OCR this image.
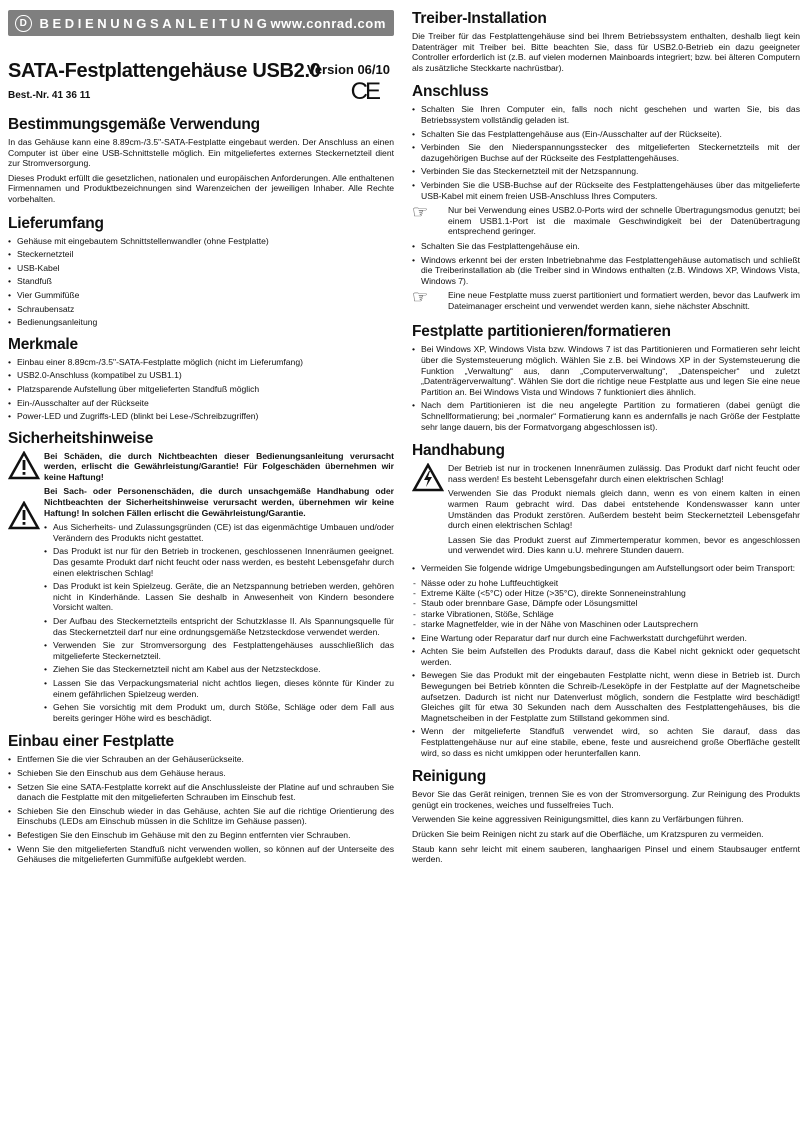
D BEDIENUNGSANLEITUNG www.conrad.com
SATA-Festplattengehäuse USB2.0
Version 06/10
CE
Best.-Nr. 41 36 11
Bestimmungsgemäße Verwendung

In das Gehäuse kann eine 8.89cm-/3.5"-SATA-Festplatte eingebaut werden. Der Anschluss an einen Computer ist über eine USB-Schnittstelle möglich. Ein mitgeliefertes externes Steckernetzteil dient zur Stromversorgung.

Dieses Produkt erfüllt die gesetzlichen, nationalen und europäischen Anforderungen. Alle enthaltenen Firmennamen und Produktbezeichnungen sind Warenzeichen der jeweiligen Inhaber. Alle Rechte vorbehalten.

Lieferumfang
• Gehäuse mit eingebautem Schnittstellenwandler (ohne Festplatte)
• Steckernetzteil
• USB-Kabel
• Standfuß
• Vier Gummifüße
• Schraubensatz
• Bedienungsanleitung
Merkmale
• Einbau einer 8.89cm-/3.5"-SATA-Festplatte möglich (nicht im Lieferumfang)
• USB2.0-Anschluss (kompatibel zu USB1.1)
• Platzsparende Aufstellung über mitgelieferten Standfuß möglich
• Ein-/Ausschalter auf der Rückseite
• Power-LED und Zugriffs-LED (blinkt bei Lese-/Schreibzugriffen)
Sicherheitshinweise

Bei Schäden, die durch Nichtbeachten dieser Bedienungsanleitung verursacht werden, erlischt die Gewährleistung/Garantie! Für Folgeschäden übernehmen wir keine Haftung!

Bei Sach- oder Personenschäden, die durch unsachgemäße Handhabung oder Nichtbeachten der Sicherheitshinweise verursacht werden, übernehmen wir keine Haftung! In solchen Fällen erlischt die Gewährleistung/Garantie.

• Aus Sicherheits- und Zulassungsgründen (CE) ist das eigenmächtige Umbauen und/oder Verändern des Produkts nicht gestattet.
• Das Produkt ist nur für den Betrieb in trockenen, geschlossenen Innenräumen geeignet. Das gesamte Produkt darf nicht feucht oder nass werden, es besteht Lebensgefahr durch einen elektrischen Schlag!
• Das Produkt ist kein Spielzeug. Geräte, die an Netzspannung betrieben werden, gehören nicht in Kinderhände. Lassen Sie deshalb in Anwesenheit von Kindern besondere Vorsicht walten.
• Der Aufbau des Steckernetzteils entspricht der Schutzklasse II. Als Spannungsquelle für das Steckernetzteil darf nur eine ordnungsgemäße Netzsteckdose verwendet werden.
• Verwenden Sie zur Stromversorgung des Festplattengehäuses ausschließlich das mitgelieferte Steckernetzteil.
• Ziehen Sie das Steckernetzteil nicht am Kabel aus der Netzsteckdose.
• Lassen Sie das Verpackungsmaterial nicht achtlos liegen, dieses könnte für Kinder zu einem gefährlichen Spielzeug werden.
• Gehen Sie vorsichtig mit dem Produkt um, durch Stöße, Schläge oder dem Fall aus bereits geringer Höhe wird es beschädigt.
Einbau einer Festplatte
• Entfernen Sie die vier Schrauben an der Gehäuserückseite.
• Schieben Sie den Einschub aus dem Gehäuse heraus.
• Setzen Sie eine SATA-Festplatte korrekt auf die Anschlussleiste der Platine auf und schrauben Sie danach die Festplatte mit den mitgelieferten Schrauben im Einschub fest.
• Schieben Sie den Einschub wieder in das Gehäuse, achten Sie auf die richtige Orientierung des Einschubs (LEDs am Einschub müssen in die Schlitze im Gehäuse passen).
• Befestigen Sie den Einschub im Gehäuse mit den zu Beginn entfernten vier Schrauben.
• Wenn Sie den mitgelieferten Standfuß nicht verwenden wollen, so können auf der Unterseite des Gehäuses die mitgelieferten Gummifüße aufgeklebt werden.
Treiber-Installation

Die Treiber für das Festplattengehäuse sind bei Ihrem Betriebssystem enthalten, deshalb liegt kein Datenträger mit Treiber bei. Bitte beachten Sie, dass für USB2.0-Betrieb ein dazu geeigneter Controller erforderlich ist (z.B. auf vielen modernen Mainboards integriert; bzw. bei älteren Computern als zusätzliche Steckkarte nachrüstbar).

Anschluss
• Schalten Sie Ihren Computer ein, falls noch nicht geschehen und warten Sie, bis das Betriebssystem vollständig geladen ist.
• Schalten Sie das Festplattengehäuse aus (Ein-/Ausschalter auf der Rückseite).
• Verbinden Sie den Niederspannungsstecker des mitgelieferten Steckernetzteils mit der dazugehörigen Buchse auf der Rückseite des Festplattengehäuses.
• Verbinden Sie das Steckernetzteil mit der Netzspannung.
• Verbinden Sie die USB-Buchse auf der Rückseite des Festplattengehäuses über das mitgelieferte USB-Kabel mit einem freien USB-Anschluss Ihres Computers.
☞	Nur bei Verwendung eines USB2.0-Ports wird der schnelle Übertragungsmodus genutzt; bei einem USB1.1-Port ist die maximale Geschwindigkeit bei der Datenübertragung entsprechend geringer.

• Schalten Sie das Festplattengehäuse ein.
• Windows erkennt bei der ersten Inbetriebnahme das Festplattengehäuse automatisch und schließt die Treiberinstallation ab (die Treiber sind in Windows enthalten (z.B. Windows XP, Windows Vista, Windows 7).
☞	Eine neue Festplatte muss zuerst partitioniert und formatiert werden, bevor das Laufwerk im Dateimanager erscheint und verwendet werden kann, siehe nächster Abschnitt.

Festplatte partitionieren/formatieren
• Bei Windows XP, Windows Vista bzw. Windows 7 ist das Partitionieren und Formatieren sehr leicht über die Systemsteuerung möglich. Wählen Sie z.B. bei Windows XP in der Systemsteuerung die Funktion „Verwaltung“ aus, dann „Computerverwaltung“, „Datenspeicher“ und zuletzt „Datenträgerverwaltung“. Wählen Sie dort die richtige neue Festplatte aus und legen Sie eine neue Partition an. Bei Windows Vista und Windows 7 funktioniert dies ähnlich.
• Nach dem Partitionieren ist die neu angelegte Partition zu formatieren (dabei genügt die Schnellformatierung; bei „normaler“ Formatierung kann es andernfalls je nach Größe der Festplatte sehr lange dauern, bis der Formatvorgang abgeschlossen ist).
Handhabung

Der Betrieb ist nur in trockenen Innenräumen zulässig. Das Produkt darf nicht feucht oder nass werden! Es besteht Lebensgefahr durch einen elektrischen Schlag!

Verwenden Sie das Produkt niemals gleich dann, wenn es von einem kalten in einen warmen Raum gebracht wird. Das dabei entstehende Kondenswasser kann unter Umständen das Produkt zerstören. Außerdem besteht beim Steckernetzteil Lebensgefahr durch einen elektrischen Schlag!

Lassen Sie das Produkt zuerst auf Zimmertemperatur kommen, bevor es angeschlossen und verwendet wird. Dies kann u.U. mehrere Stunden dauern.

• Vermeiden Sie folgende widrige Umgebungsbedingungen am Aufstellungsort oder beim Transport:
- Nässe oder zu hohe Luftfeuchtigkeit
- Extreme Kälte (<5°C) oder Hitze (>35°C), direkte Sonneneinstrahlung
- Staub oder brennbare Gase, Dämpfe oder Lösungsmittel
- starke Vibrationen, Stöße, Schläge
- starke Magnetfelder, wie in der Nähe von Maschinen oder Lautsprechern
• Eine Wartung oder Reparatur darf nur durch eine Fachwerkstatt durchgeführt werden.
• Achten Sie beim Aufstellen des Produkts darauf, dass die Kabel nicht geknickt oder gequetscht werden.
• Bewegen Sie das Produkt mit der eingebauten Festplatte nicht, wenn diese in Betrieb ist. Durch Bewegungen bei Betrieb könnten die Schreib-/Leseköpfe in der Festplatte auf der Magnetscheibe aufsetzen. Dadurch ist nicht nur Datenverlust möglich, sondern die Festplatte wird beschädigt! Gleiches gilt für etwa 30 Sekunden nach dem Ausschalten des Festplattengehäuses, bis die Magnetscheiben in der Festplatte zum Stillstand gekommen sind.
• Wenn der mitgelieferte Standfuß verwendet wird, so achten Sie darauf, dass das Festplattengehäuse nur auf eine stabile, ebene, feste und ausreichend große Oberfläche gestellt wird, so dass es nicht umkippen oder herunterfallen kann.
Reinigung

Bevor Sie das Gerät reinigen, trennen Sie es von der Stromversorgung. Zur Reinigung des Produkts genügt ein trockenes, weiches und fusselfreies Tuch.

Verwenden Sie keine aggressiven Reinigungsmittel, dies kann zu Verfärbungen führen.

Drücken Sie beim Reinigen nicht zu stark auf die Oberfläche, um Kratzspuren zu vermeiden.

Staub kann sehr leicht mit einem sauberen, langhaarigen Pinsel und einem Staubsauger entfernt werden.
